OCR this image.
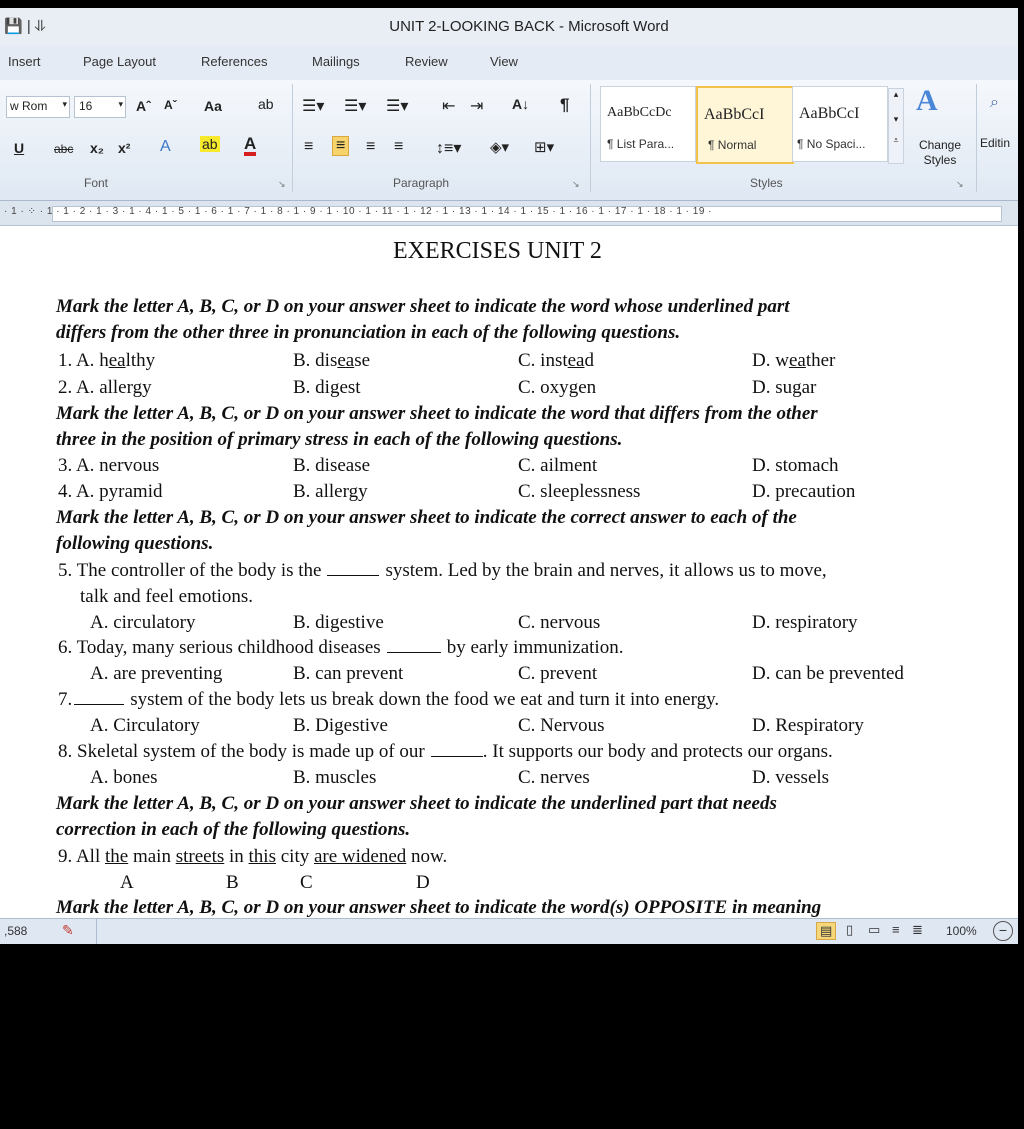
💾 | ⥥	UNIT 2-LOOKING BACK - Microsoft Word
Insert	Page Layout	References	Mailings	Review	View
w Rom ▾ 16	▾ Aˆ Aˇ Aa	ab
U abc x₂ x² A ab A
Font	↘
☰▾ ☰▾ ☰▾ ⇤ ⇥ A↓ ¶
≡ ≡ ≡ ≡ ↕≡▾ ◈▾ ⊞▾
Paragraph	↘
AaBbCcDc
¶ List Para...
AaBbCcI
¶ Normal
AaBbCcI
¶ No Spaci...
▴
▾
⩡
A
Change Styles
Styles	↘
⌕
Editin
· 1 · ⁘ · 1 · 1 · 2 · 1 · 3 · 1 · 4 · 1 · 5 · 1 · 6 · 1 · 7 · 1 · 8 · 1 · 9 · 1 · 10 · 1 · 11 · 1 · 12 · 1 · 13 · 1 · 14 · 1 · 15 · 1 · 16 · 1 · 17 · 1 · 18 · 1 · 19 ·
EXERCISES UNIT 2
Mark the letter A, B, C, or D on your answer sheet to indicate the word whose underlined part
differs from the other three in pronunciation in each of the following questions.
1. A. healthy	B. disease	C. instead	D. weather
2. A. allergy	B. digest	C. oxygen	D. sugar
Mark the letter A, B, C, or D on your answer sheet to indicate the word that differs from the other
three in the position of primary stress in each of the following questions.
3. A. nervous	B. disease	C. ailment	D. stomach
4. A. pyramid	B. allergy	C. sleeplessness	D. precaution
Mark the letter A, B, C, or D on your answer sheet to indicate the correct answer to each of the
following questions.
5. The controller of the body is the	system. Led by the brain and nerves, it allows us to move,
talk and feel emotions.
A. circulatory	B. digestive	C. nervous	D. respiratory
6. Today, many serious childhood diseases	by early immunization.
A. are preventing	B. can prevent	C. prevent	D. can be prevented
7.	system of the body lets us break down the food we eat and turn it into energy.
A. Circulatory	B. Digestive	C. Nervous	D. Respiratory
8. Skeletal system of the body is made up of our	. It supports our body and protects our organs.
A. bones	B. muscles	C. nerves	D. vessels
Mark the letter A, B, C, or D on your answer sheet to indicate the underlined part that needs
correction in each of the following questions.
9. All the main streets in this city are widened now.
A	B	C	D
Mark the letter A, B, C, or D on your answer sheet to indicate the word(s) OPPOSITE in meaning
,588 ✎	▤	▯ ▭ ≡ ≣ 100%	−
